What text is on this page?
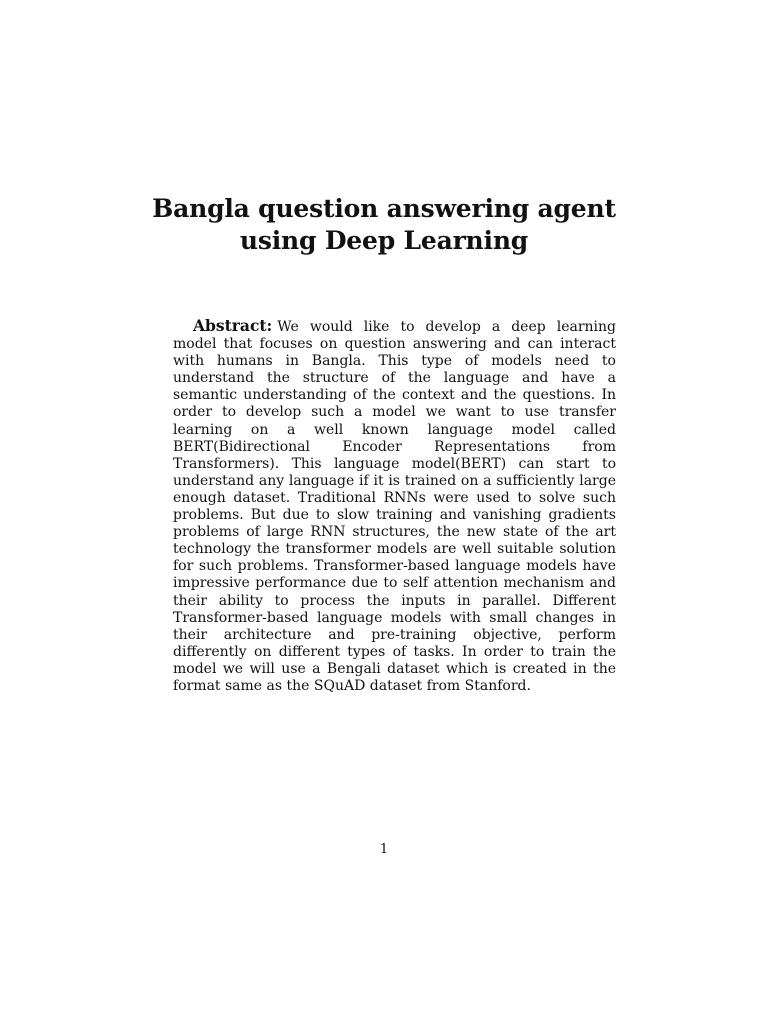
Bangla question answering agent
using Deep Learning

Abstract: We would like to develop a deep learning model that focuses on question answering and can interact with humans in Bangla. This type of models need to understand the structure of the language and have a semantic understanding of the context and the questions. In order to develop such a model we want to use transfer learning on a well known language model called BERT(Bidirectional Encoder Representations from Transformers). This language model(BERT) can start to understand any language if it is trained on a sufficiently large enough dataset. Traditional RNNs were used to solve such problems. But due to slow training and vanishing gradients problems of large RNN structures, the new state of the art technology the transformer models are well suitable solution for such problems. Transformer-based language models have impressive performance due to self attention mechanism and their ability to process the inputs in parallel. Different Transformer-based language models with small changes in their architecture and pre-training objective, perform differently on different types of tasks. In order to train the model we will use a Bengali dataset which is created in the format same as the SQuAD dataset from Stanford.

1
